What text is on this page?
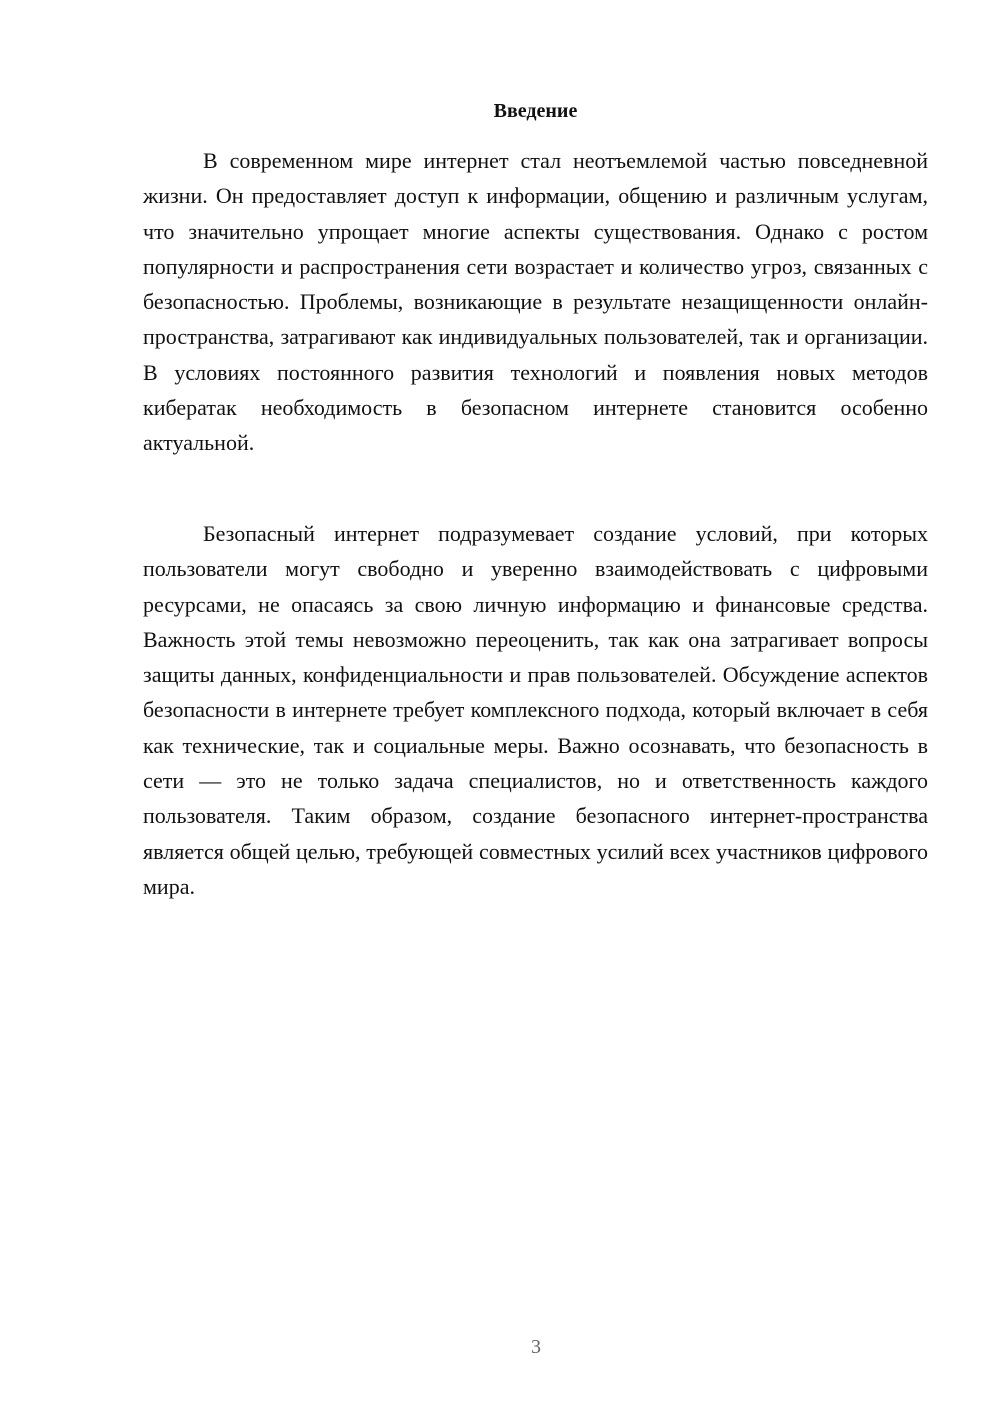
Введение

В современном мире интернет стал неотъемлемой частью повседневной жизни. Он предоставляет доступ к информации, общению и различным услугам, что значительно упрощает многие аспекты существования. Однако с ростом популярности и распространения сети возрастает и количество угроз, связанных с безопасностью. Проблемы, возникающие в результате незащищенности онлайн-пространства, затрагивают как индивидуальных пользователей, так и организации. В условиях постоянного развития технологий и появления новых методов кибератак необходимость в безопасном интернете становится особенно актуальной.

Безопасный интернет подразумевает создание условий, при которых пользователи могут свободно и уверенно взаимодействовать с цифровыми ресурсами, не опасаясь за свою личную информацию и финансовые средства. Важность этой темы невозможно переоценить, так как она затрагивает вопросы защиты данных, конфиденциальности и прав пользователей. Обсуждение аспектов безопасности в интернете требует комплексного подхода, который включает в себя как технические, так и социальные меры. Важно осознавать, что безопасность в сети — это не только задача специалистов, но и ответственность каждого пользователя. Таким образом, создание безопасного интернет-пространства является общей целью, требующей совместных усилий всех участников цифрового мира.

3
